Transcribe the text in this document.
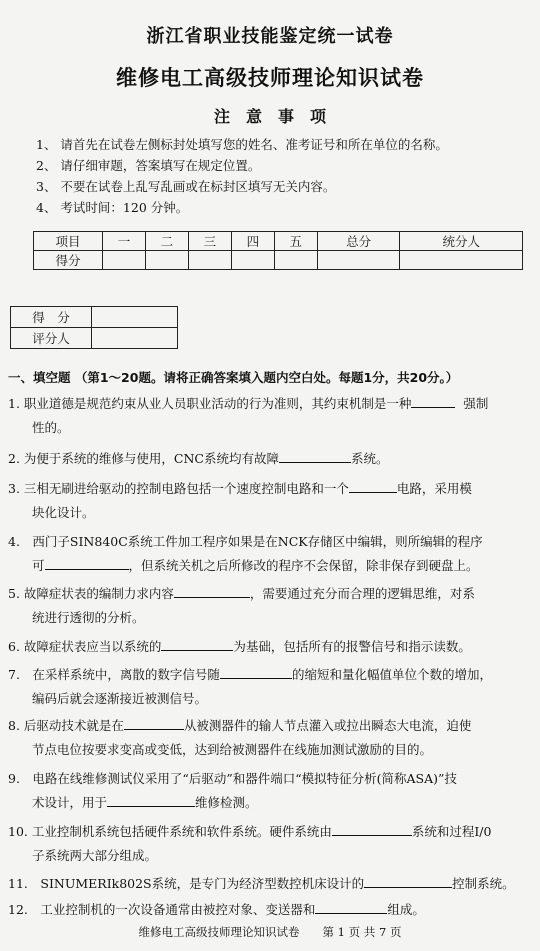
浙江省职业技能鉴定统一试卷
维修电工高级技师理论知识试卷
注　意　事　项
1、 请首先在试卷左侧标封处填写您的姓名、准考证号和所在单位的名称。
2、 请仔细审题，答案填写在规定位置。
3、 不要在试卷上乱写乱画或在标封区填写无关内容。
4、 考试时间：120 分钟。
项目	一	二	三	四	五	总分	统分人
得分							
得　分	
评分人	
一、填空题 （第1～20题。请将正确答案填入题内空白处。每题1分，共20分。）
1. 职业道德是规范约束从业人员职业活动的行为准则，其约束机制是一种	强制
性的。
2. 为便于系统的维修与使用，CNC系统均有故障	系统。
3. 三相无刷进给驱动的控制电路包括一个速度控制电路和一个	电路，采用模
块化设计。
4.　西门子SIN840C系统工件加工程序如果是在NCK存储区中编辑，则所编辑的程序
可	，但系统关机之后所修改的程序不会保留，除非保存到硬盘上。
5. 故障症状表的编制力求内容	，需要通过充分而合理的逻辑思维，对系
统进行透彻的分析。
6. 故障症状表应当以系统的	为基础，包括所有的报警信号和指示读数。
7.　在采样系统中，离散的数字信号随	的缩短和量化幅值单位个数的增加，
编码后就会逐渐接近被测信号。
8. 后驱动技术就是在	从被测器件的输人节点灌入或拉出瞬态大电流，迫使
节点电位按要求变高或变低，达到给被测器件在线施加测试激励的目的。
9.　电路在线维修测试仪采用了“后驱动”和器件端口“模拟特征分析(简称ASA)”技
术设计，用于	维修检测。
10. 工业控制机系统包括硬件系统和软件系统。硬件系统由	系统和过程I/0
子系统两大部分组成。
11.　SINUMERIk802S系统，是专门为经济型数控机床设计的	控制系统。
12.　工业控制机的一次设备通常由被控对象、变送器和	组成。
维修电工高级技师理论知识试卷　　第 1 页 共 7 页
